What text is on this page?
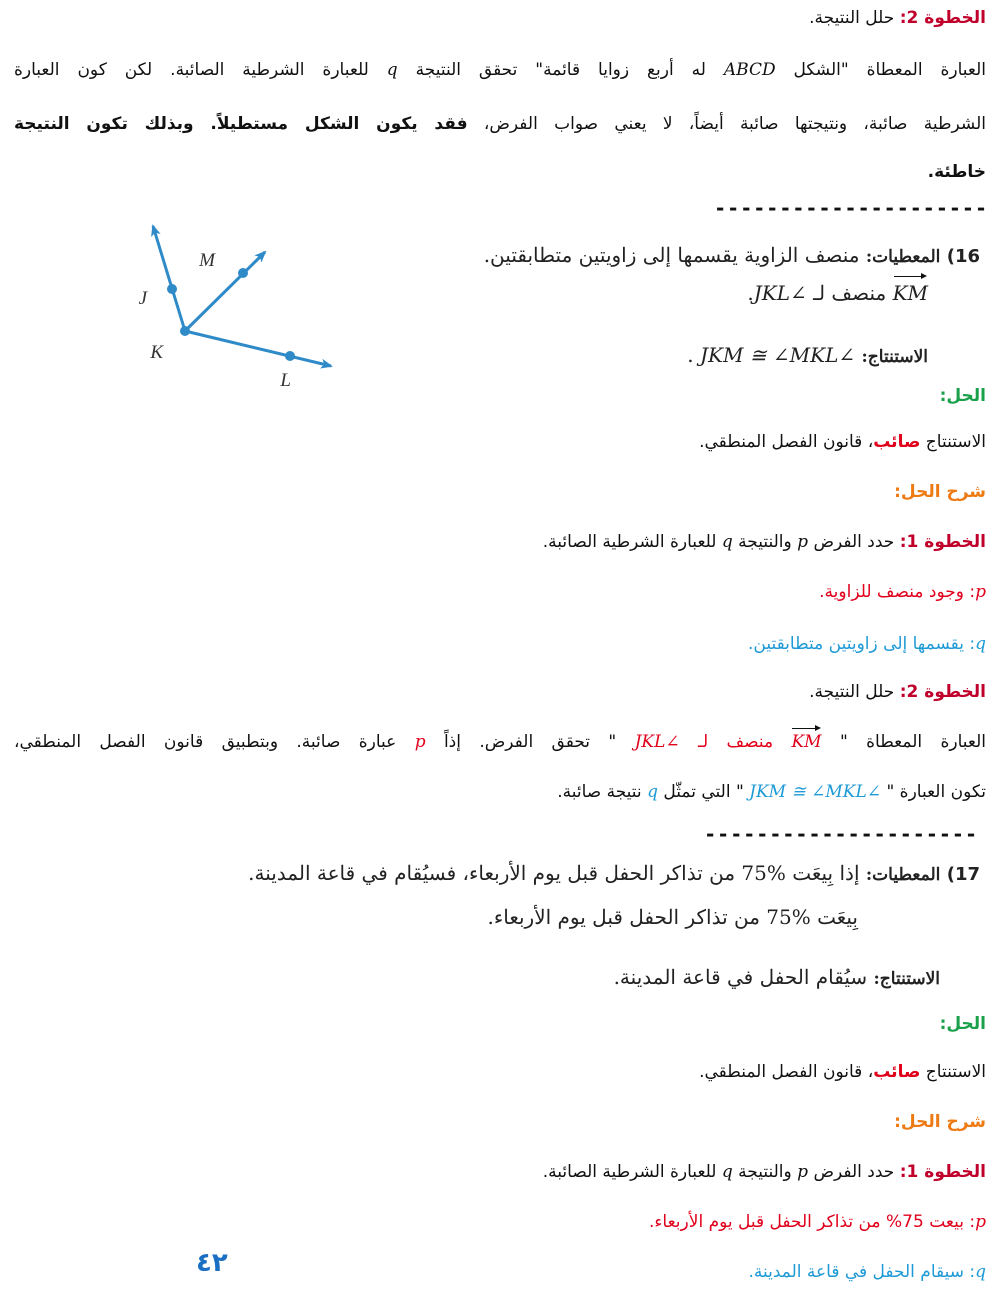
الخطوة 2: حلل النتيجة.
العبارة المعطاة "الشكل ABCD له أربع زوايا قائمة" تحقق النتيجة q للعبارة الشرطية الصائبة. لكن كون العبارة
الشرطية صائبة، ونتيجتها صائبة أيضاً، لا يعني صواب الفرض، فقد يكون الشكل مستطيلاً. وبذلك تكون النتيجة
خاطئة.
---------------------
16) المعطيات: منصف الزاوية يقسمها إلى زاويتين متطابقتين.
KM منصف لـ ∠JKL.
الاستنتاج: ∠JKM ≅ ∠MKL .
M
J
K
L
الحل:
الاستنتاج صائب، قانون الفصل المنطقي.
شرح الحل:
الخطوة 1: حدد الفرض p والنتيجة q للعبارة الشرطية الصائبة.
p: وجود منصف للزاوية.
q: يقسمها إلى زاويتين متطابقتين.
الخطوة 2: حلل النتيجة.
العبارة المعطاة " KM منصف لـ ∠JKL " تحقق الفرض. إذاً p عبارة صائبة. وبتطبيق قانون الفصل المنطقي،
تكون العبارة " ∠JKM ≅ ∠MKL " التي تمثّل q نتيجة صائبة.
---------------------
17) المعطيات: إذا بِيعَت %75 من تذاكر الحفل قبل يوم الأربعاء، فسيُقام في قاعة المدينة.
بِيعَت %75 من تذاكر الحفل قبل يوم الأربعاء.
الاستنتاج: سيُقام الحفل في قاعة المدينة.
الحل:
الاستنتاج صائب، قانون الفصل المنطقي.
شرح الحل:
الخطوة 1: حدد الفرض p والنتيجة q للعبارة الشرطية الصائبة.
p: بيعت 75% من تذاكر الحفل قبل يوم الأربعاء.
q: سيقام الحفل في قاعة المدينة.
٤٢
